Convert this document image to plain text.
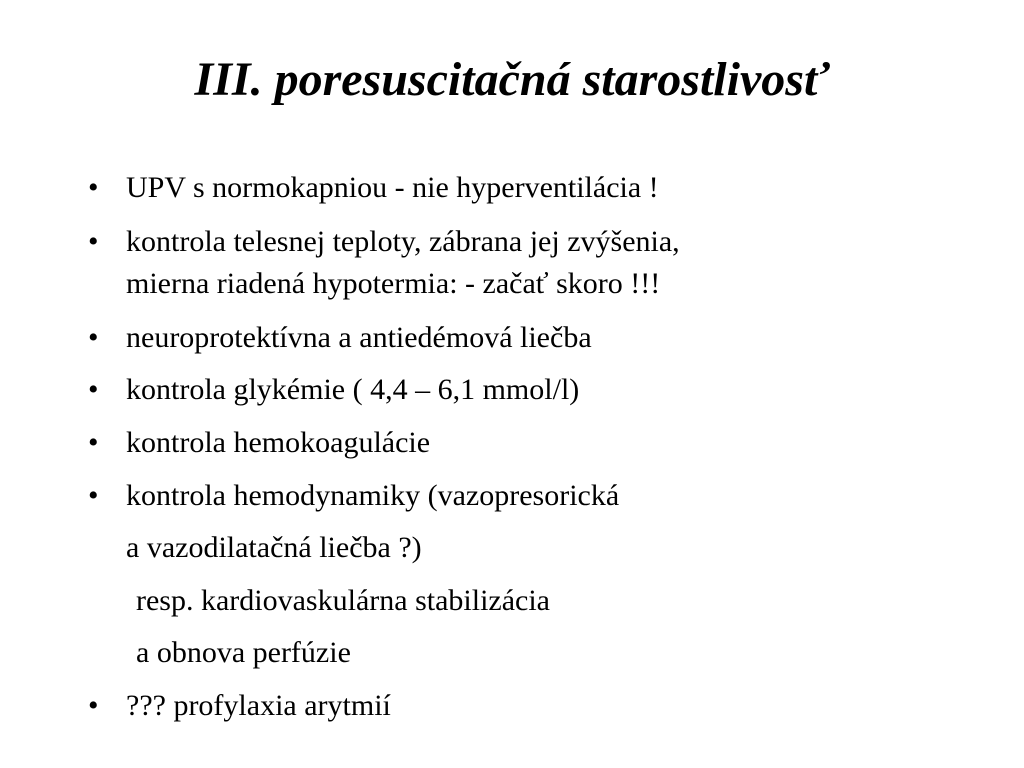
III. poresuscitačná starostlivosť
• UPV s normokapniou - nie hyperventilácia !
• kontrola telesnej teploty, zábrana jej zvýšenia,
mierna riadená hypotermia: - začať skoro !!!
• neuroprotektívna a antiedémová liečba
• kontrola glykémie ( 4,4 – 6,1 mmol/l)
• kontrola hemokoagulácie
• kontrola hemodynamiky (vazopresorická
a vazodilatačná liečba ?)
resp. kardiovaskulárna stabilizácia
a obnova perfúzie
• ??? profylaxia arytmií
